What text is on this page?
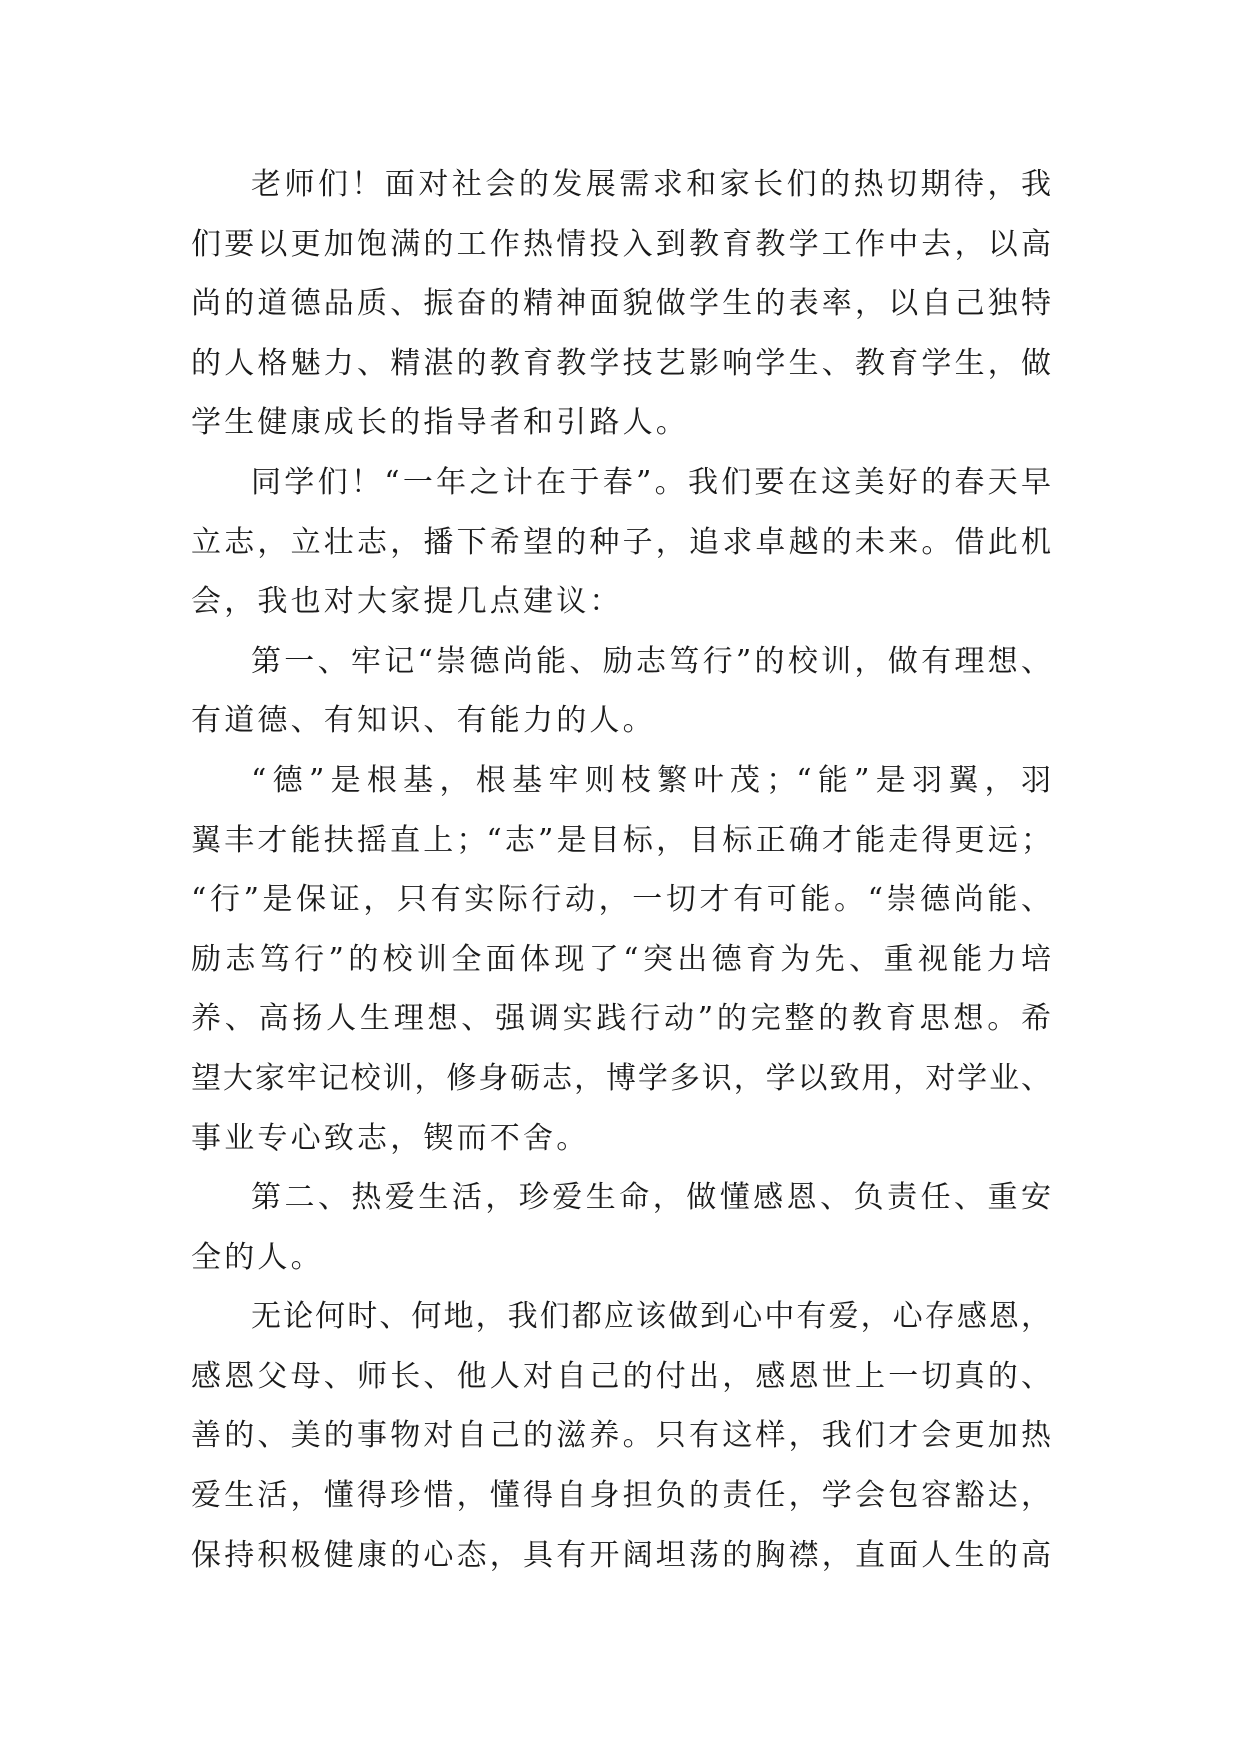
老师们！面对社会的发展需求和家长们的热切期待，我
们要以更加饱满的工作热情投入到教育教学工作中去，以高
尚的道德品质、振奋的精神面貌做学生的表率，以自己独特
的人格魅力、精湛的教育教学技艺影响学生、教育学生，做
学生健康成长的指导者和引路人。
同学们！“一年之计在于春”。我们要在这美好的春天早
立志，立壮志，播下希望的种子，追求卓越的未来。借此机
会，我也对大家提几点建议：
第一、牢记“崇德尚能、励志笃行”的校训，做有理想、
有道德、有知识、有能力的人。
“德”是根基，根基牢则枝繁叶茂；“能”是羽翼，羽
翼丰才能扶摇直上；“志”是目标，目标正确才能走得更远；
“行”是保证，只有实际行动，一切才有可能。“崇德尚能、
励志笃行”的校训全面体现了“突出德育为先、重视能力培
养、高扬人生理想、强调实践行动”的完整的教育思想。希
望大家牢记校训，修身砺志，博学多识，学以致用，对学业、
事业专心致志，锲而不舍。
第二、热爱生活，珍爱生命，做懂感恩、负责任、重安
全的人。
无论何时、何地，我们都应该做到心中有爱，心存感恩，
感恩父母、师长、他人对自己的付出，感恩世上一切真的、
善的、美的事物对自己的滋养。只有这样，我们才会更加热
爱生活，懂得珍惜，懂得自身担负的责任，学会包容豁达，
保持积极健康的心态，具有开阔坦荡的胸襟，直面人生的高
